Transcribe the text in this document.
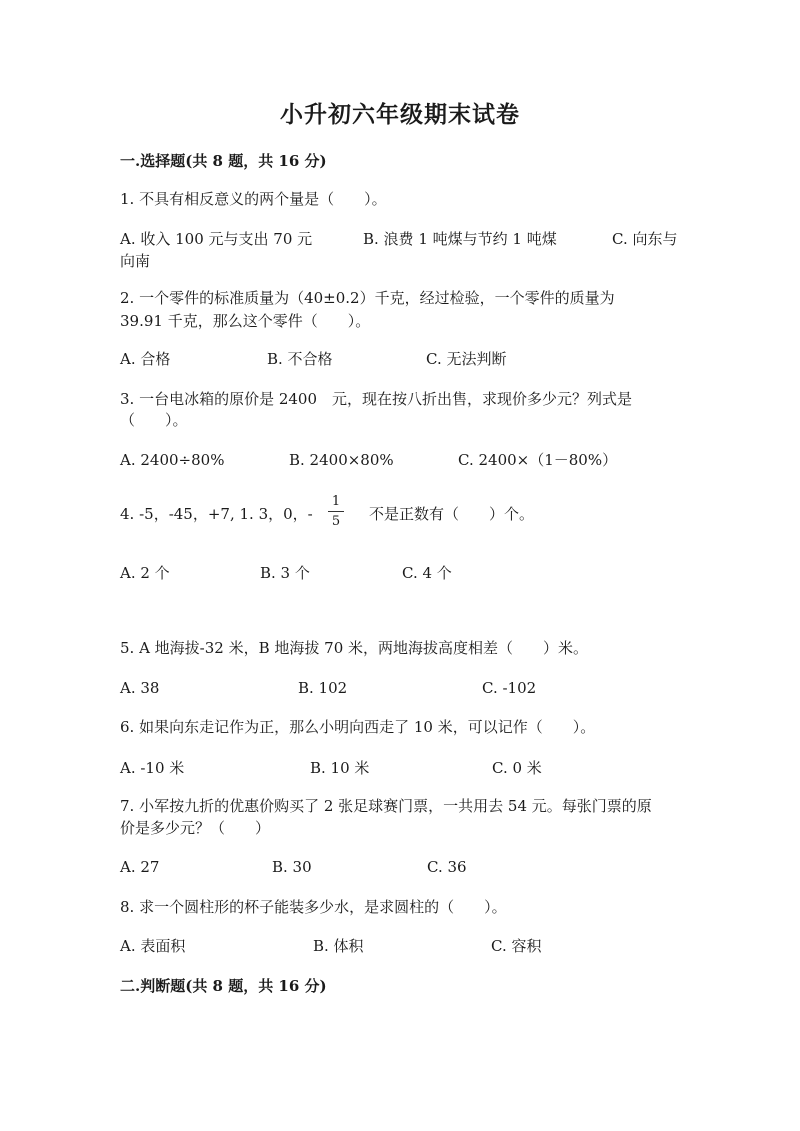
小升初六年级期末试卷
一.选择题(共 8 题，共 16 分)
1. 不具有相反意义的两个量是（　　）。
A. 收入 100 元与支出 70 元	B. 浪费 1 吨煤与节约 1 吨煤	C. 向东与
向南
2. 一个零件的标准质量为（40±0.2）千克，经过检验，一个零件的质量为
39.91 千克，那么这个零件（　　）。
A. 合格	B. 不合格	C. 无法判断
3. 一台电冰箱的原价是 2400　元，现在按八折出售，求现价多少元？列式是
（　　）。
A. 2400÷80%	B. 2400×80%	C. 2400×（1－80%）
4. -5，-45，+7, 1. 3，0，-
1
5 不是正数有（　　）个。
A. 2 个	B. 3 个	C. 4 个
5. A 地海拔-32 米，B 地海拔 70 米，两地海拔高度相差（　　）米。
A. 38	B. 102	C. -102
6. 如果向东走记作为正，那么小明向西走了 10 米，可以记作（　　）。
A. -10 米	B. 10 米	C. 0 米
7. 小军按九折的优惠价购买了 2 张足球赛门票，一共用去 54 元。每张门票的原
价是多少元？（　　）
A. 27	B. 30	C. 36
8. 求一个圆柱形的杯子能装多少水，是求圆柱的（　　）。
A. 表面积	B. 体积	C. 容积
二.判断题(共 8 题，共 16 分)
